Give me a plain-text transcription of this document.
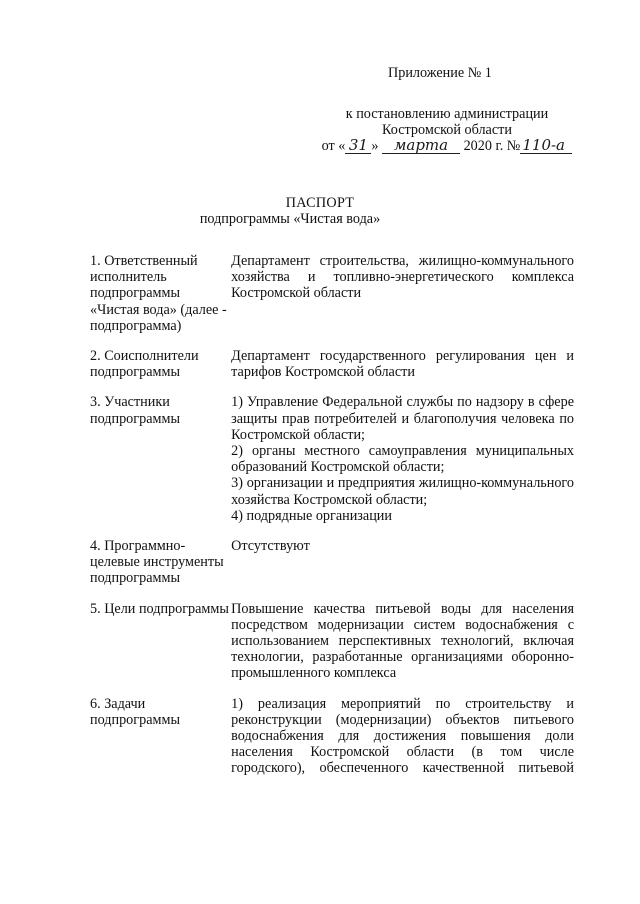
Приложение № 1
к постановлению администрации
Костромской области
от « 31 » марта 2020 г. № 110-а
ПАСПОРТ
подпрограммы «Чистая вода»
1. Ответственный исполнитель подпрограммы «Чистая вода» (далее - подпрограмма)	Департамент строительства, жилищно-коммунального хозяйства и топливно-энергетического комплекса Костромской области

2. Соисполнители подпрограммы	Департамент государственного регулирования цен и тарифов Костромской области

3. Участники подпрограммы	1) Управление Федеральной службы по надзору в сфере защиты прав потребителей и благополучия человека по Костромской области;
2) органы местного самоуправления муниципальных образований Костромской области;
3) организации и предприятия жилищно-коммунального хозяйства Костромской области;
4) подрядные организации

4. Программно-целевые инструменты подпрограммы	Отсутствуют

5. Цели подпрограммы	Повышение качества питьевой воды для населения посредством модернизации систем водоснабжения с использованием перспективных технологий, включая технологии, разработанные организациями оборонно-промышленного комплекса

6. Задачи подпрограммы	1) реализация мероприятий по строительству и реконструкции (модернизации) объектов питьевого водоснабжения для достижения повышения доли населения Костромской области (в том числе городского), обеспеченного качественной питьевой
